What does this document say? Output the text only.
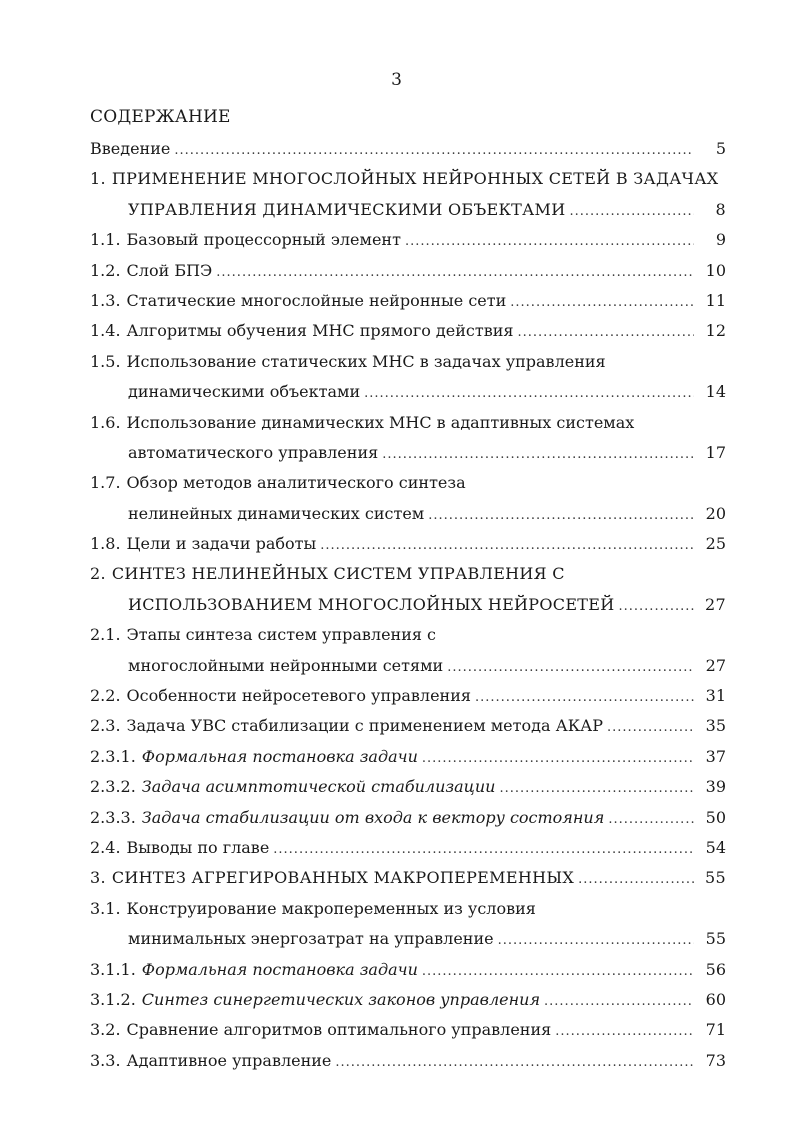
3
СОДЕРЖАНИЕ
Введение .....	5
1. ПРИМЕНЕНИЕ МНОГОСЛОЙНЫХ НЕЙРОННЫХ СЕТЕЙ В ЗАДАЧАХ
УПРАВЛЕНИЯ ДИНАМИЧЕСКИМИ ОБЪЕКТАМИ .....	8
1.1. Базовый процессорный элемент .....	9
1.2. Слой БПЭ .....	10
1.3. Статические многослойные нейронные сети .....	11
1.4. Алгоритмы обучения МНС прямого действия .....	12
1.5. Использование статических МНС в задачах управления
динамическими объектами .....	14
1.6. Использование динамических МНС в адаптивных системах
автоматического управления .....	17
1.7. Обзор методов аналитического синтеза
нелинейных динамических систем .....	20
1.8. Цели и задачи работы .....	25
2. СИНТЕЗ НЕЛИНЕЙНЫХ СИСТЕМ УПРАВЛЕНИЯ С
ИСПОЛЬЗОВАНИЕМ МНОГОСЛОЙНЫХ НЕЙРОСЕТЕЙ .....	27
2.1. Этапы синтеза систем управления с
многослойными нейронными сетями .....	27
2.2. Особенности нейросетевого управления .....	31
2.3. Задача УВС стабилизации с применением метода АКАР .....	35
2.3.1. Формальная постановка задачи .....	37
2.3.2. Задача асимптотической стабилизации .....	39
2.3.3. Задача стабилизации от входа к вектору состояния .....	50
2.4. Выводы по главе .....	54
3. СИНТЕЗ АГРЕГИРОВАННЫХ МАКРОПЕРЕМЕННЫХ .....	55
3.1. Конструирование макропеременных из условия
минимальных энергозатрат на управление .....	55
3.1.1. Формальная постановка задачи .....	56
3.1.2. Синтез синергетических законов управления .....	60
3.2. Сравнение алгоритмов оптимального управления .....	71
3.3. Адаптивное управление .....	73
